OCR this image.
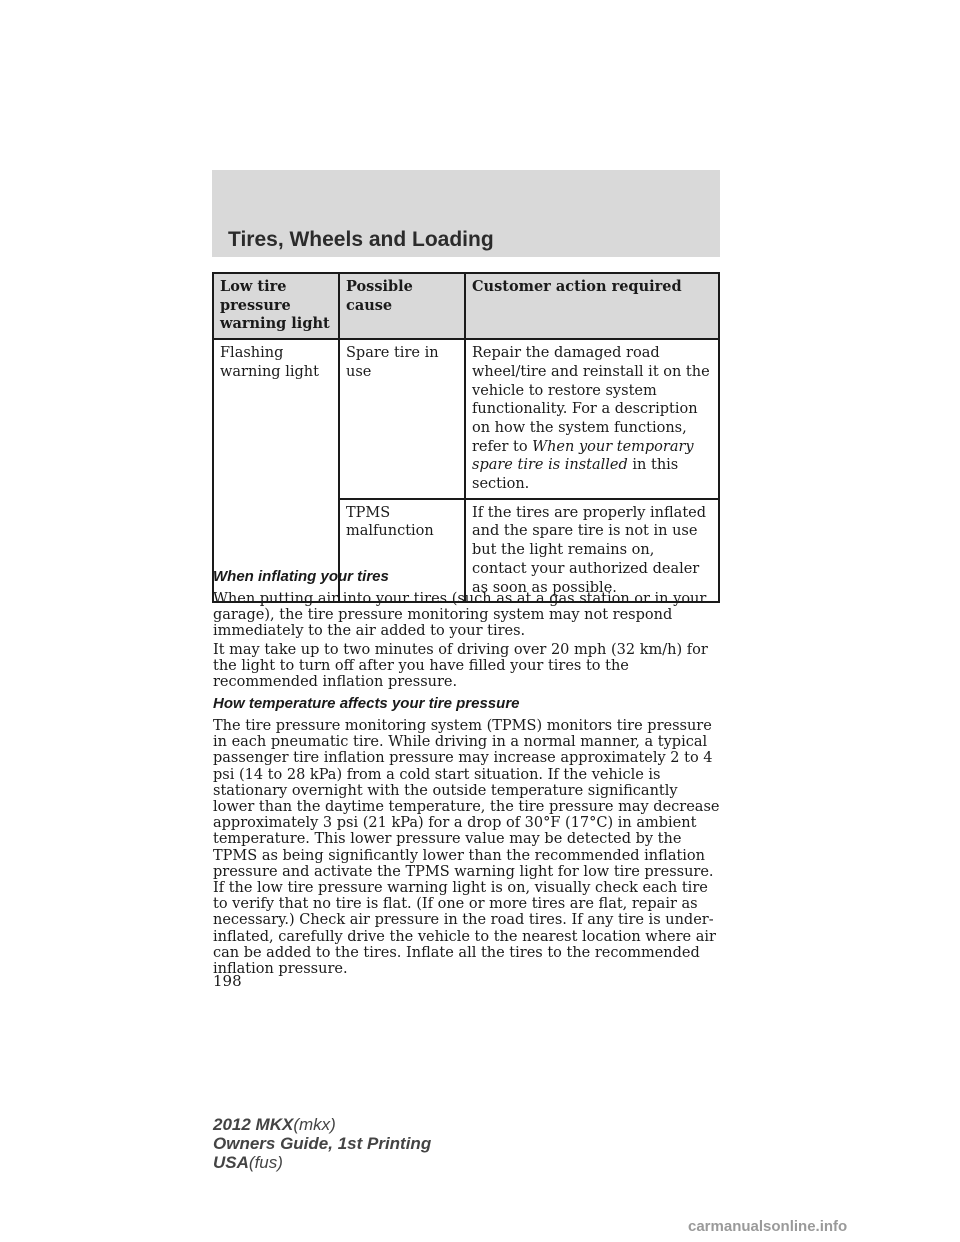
Tires, Wheels and Loading
Low tire pressure warning light	Possible cause	Customer action required
Flashing warning light	Spare tire in use	Repair the damaged road wheel/tire and reinstall it on the vehicle to restore system functionality. For a description on how the system functions, refer to When your temporary spare tire is installed in this section.
	TPMS malfunction	If the tires are properly inflated and the spare tire is not in use but the light remains on, contact your authorized dealer as soon as possible.
When inflating your tires

When putting air into your tires (such as at a gas station or in your garage), the tire pressure monitoring system may not respond immediately to the air added to your tires.

It may take up to two minutes of driving over 20 mph (32 km/h) for the light to turn off after you have filled your tires to the recommended inflation pressure.

How temperature affects your tire pressure

The tire pressure monitoring system (TPMS) monitors tire pressure in each pneumatic tire. While driving in a normal manner, a typical passenger tire inflation pressure may increase approximately 2 to 4 psi (14 to 28 kPa) from a cold start situation. If the vehicle is stationary overnight with the outside temperature significantly lower than the daytime temperature, the tire pressure may decrease approximately 3 psi (21 kPa) for a drop of 30°F (17°C) in ambient temperature. This lower pressure value may be detected by the TPMS as being significantly lower than the recommended inflation pressure and activate the TPMS warning light for low tire pressure. If the low tire pressure warning light is on, visually check each tire to verify that no tire is flat. (If one or more tires are flat, repair as necessary.) Check air pressure in the road tires. If any tire is under-inflated, carefully drive the vehicle to the nearest location where air can be added to the tires. Inflate all the tires to the recommended inflation pressure.

198

2012 MKX(mkx)
Owners Guide, 1st Printing
USA(fus)
carmanualsonline.info
